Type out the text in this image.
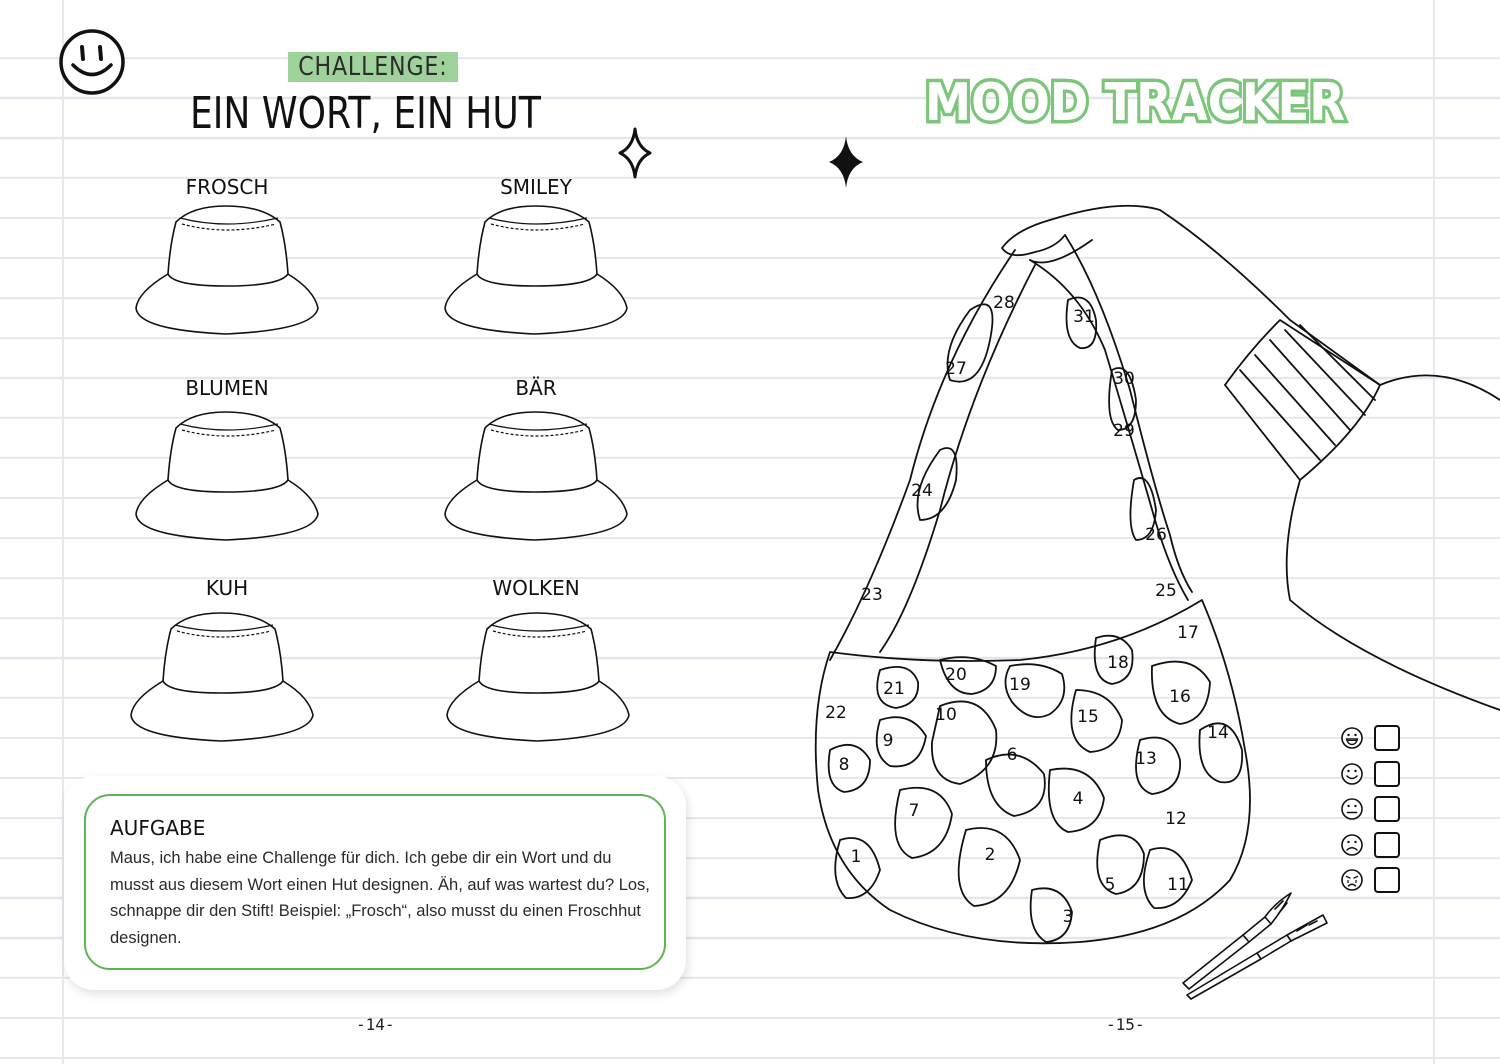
CHALLENGE:
EIN WORT, EIN HUT
FROSCH	SMILEY
BLUMEN	BÄR
KUH	WOLKEN
AUFGABE
Maus, ich habe eine Challenge für dich. Ich gebe dir ein Wort und du musst aus diesem Wort einen Hut designen. Äh, auf was wartest du? Los, schnappe dir den Stift! Beispiel: „Frosch“, also musst du einen Froschhut designen.
-14-
MOOD TRACKER
1	2
3
4
5
6
7
8
9
10
11
12
13
14
15
16
17
18
19
20
21
22
23
24
25
26
27
28
29
30
31
-15-
